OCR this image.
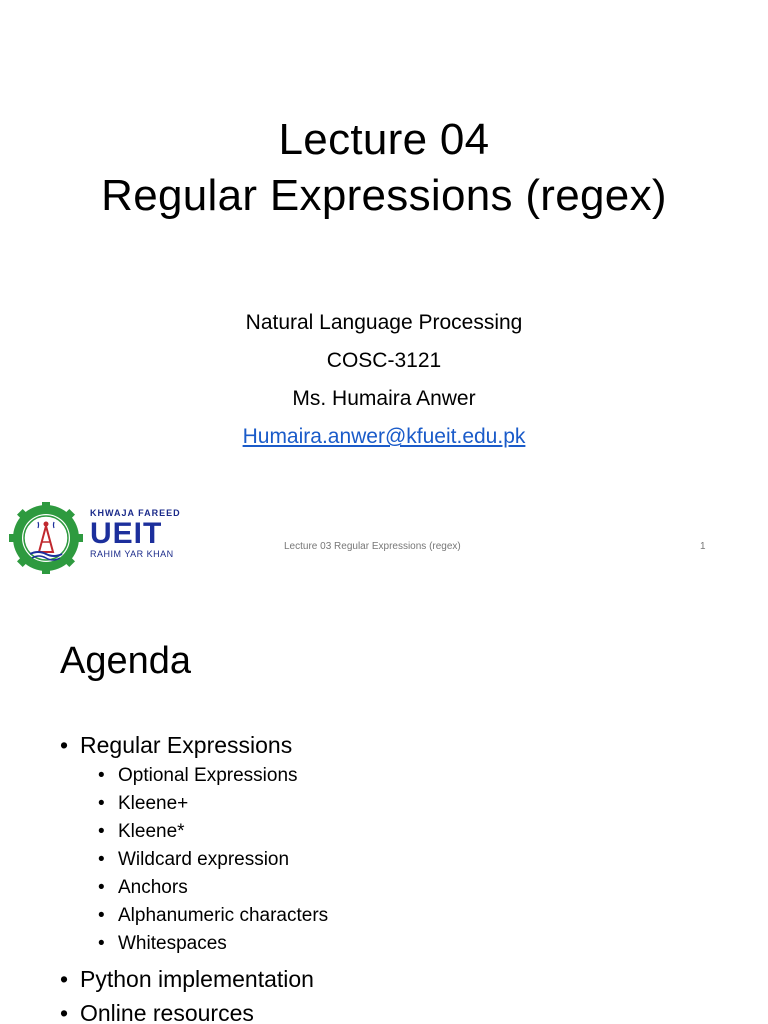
Lecture 04
Regular Expressions (regex)
Natural Language Processing
COSC-3121
Ms. Humaira Anwer
Humaira.anwer@kfueit.edu.pk
KHWAJA FAREED
UEIT
RAHIM YAR KHAN
Lecture 03 Regular Expressions (regex)	1
Agenda
• Regular Expressions
• Optional Expressions
• Kleene+
• Kleene*
• Wildcard expression
• Anchors
• Alphanumeric characters
• Whitespaces
• Python implementation
• Online resources
